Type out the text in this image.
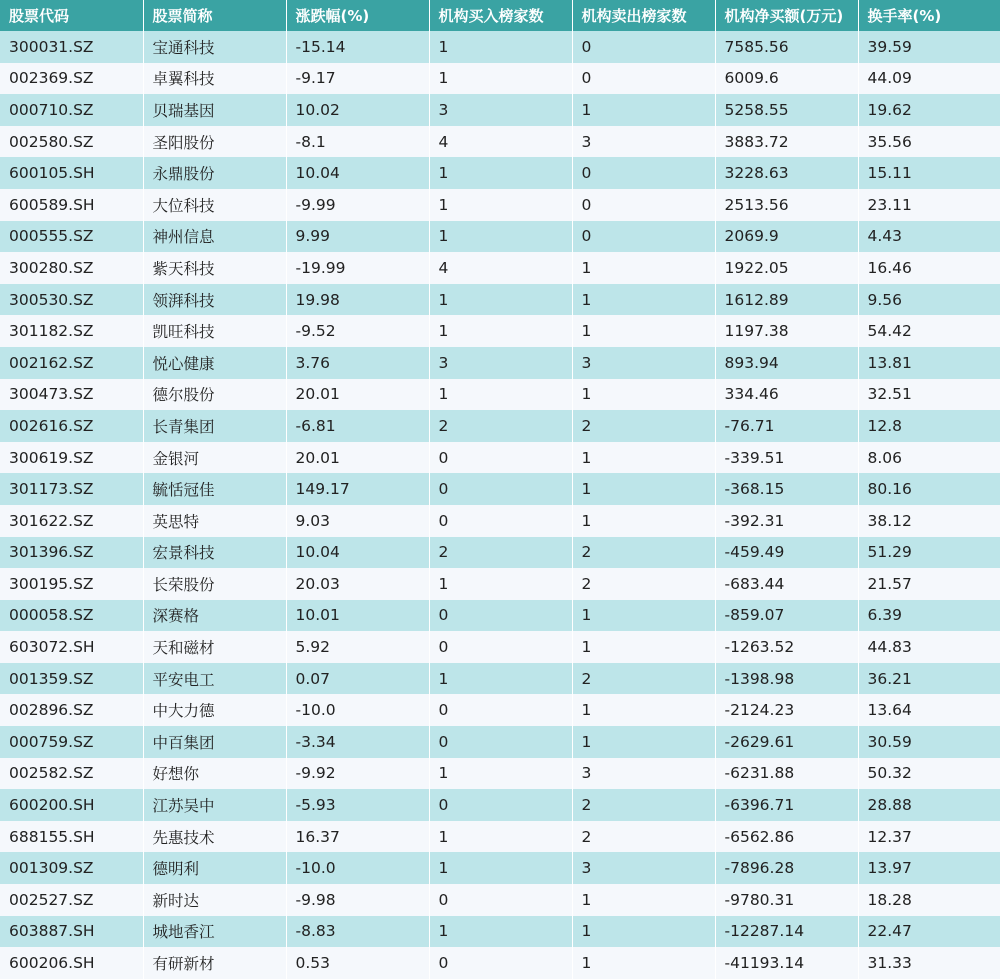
股票代码	股票简称	涨跌幅(%)	机构买入榜家数	机构卖出榜家数	机构净买额(万元)	换手率(%)
300031.SZ	宝通科技	-15.14	1	0	7585.56	39.59
002369.SZ	卓翼科技	-9.17	1	0	6009.6	44.09
000710.SZ	贝瑞基因	10.02	3	1	5258.55	19.62
002580.SZ	圣阳股份	-8.1	4	3	3883.72	35.56
600105.SH	永鼎股份	10.04	1	0	3228.63	15.11
600589.SH	大位科技	-9.99	1	0	2513.56	23.11
000555.SZ	神州信息	9.99	1	0	2069.9	4.43
300280.SZ	紫天科技	-19.99	4	1	1922.05	16.46
300530.SZ	领湃科技	19.98	1	1	1612.89	9.56
301182.SZ	凯旺科技	-9.52	1	1	1197.38	54.42
002162.SZ	悦心健康	3.76	3	3	893.94	13.81
300473.SZ	德尔股份	20.01	1	1	334.46	32.51
002616.SZ	长青集团	-6.81	2	2	-76.71	12.8
300619.SZ	金银河	20.01	0	1	-339.51	8.06
301173.SZ	毓恬冠佳	149.17	0	1	-368.15	80.16
301622.SZ	英思特	9.03	0	1	-392.31	38.12
301396.SZ	宏景科技	10.04	2	2	-459.49	51.29
300195.SZ	长荣股份	20.03	1	2	-683.44	21.57
000058.SZ	深赛格	10.01	0	1	-859.07	6.39
603072.SH	天和磁材	5.92	0	1	-1263.52	44.83
001359.SZ	平安电工	0.07	1	2	-1398.98	36.21
002896.SZ	中大力德	-10.0	0	1	-2124.23	13.64
000759.SZ	中百集团	-3.34	0	1	-2629.61	30.59
002582.SZ	好想你	-9.92	1	3	-6231.88	50.32
600200.SH	江苏吴中	-5.93	0	2	-6396.71	28.88
688155.SH	先惠技术	16.37	1	2	-6562.86	12.37
001309.SZ	德明利	-10.0	1	3	-7896.28	13.97
002527.SZ	新时达	-9.98	0	1	-9780.31	18.28
603887.SH	城地香江	-8.83	1	1	-12287.14	22.47
600206.SH	有研新材	0.53	0	1	-41193.14	31.33
